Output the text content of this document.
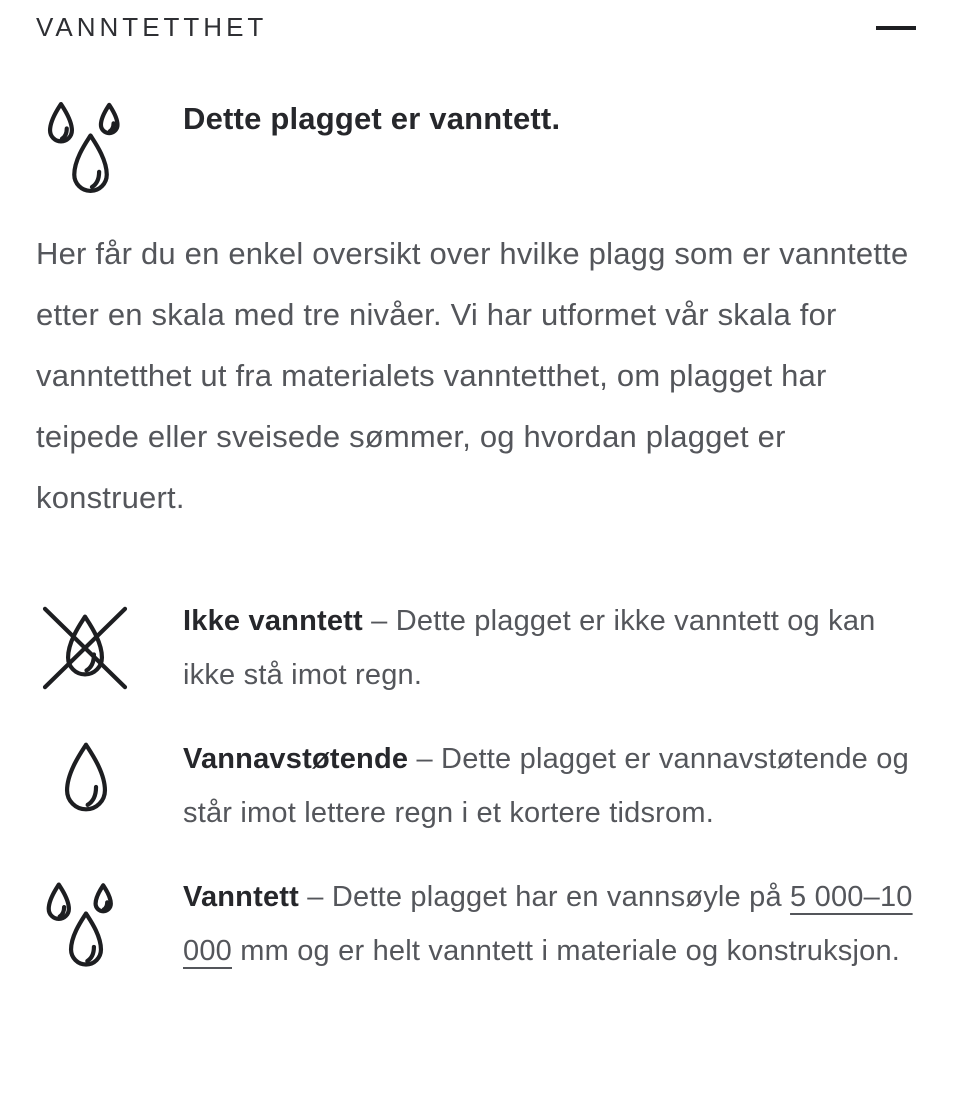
VANNTETTHET

Dette plagget er vanntett.

Her får du en enkel oversikt over hvilke plagg som er vanntette etter en skala med tre nivåer. Vi har utformet vår skala for vanntetthet ut fra materialets vanntetthet, om plagget har teipede eller sveisede sømmer, og hvordan plagget er konstruert.

Ikke vanntett – Dette plagget er ikke vanntett og kan ikke stå imot regn.

Vannavstøtende – Dette plagget er vannavstøtende og står imot lettere regn i et kortere tidsrom.

Vanntett – Dette plagget har en vannsøyle på 5 000–10 000 mm og er helt vanntett i materiale og konstruksjon.
